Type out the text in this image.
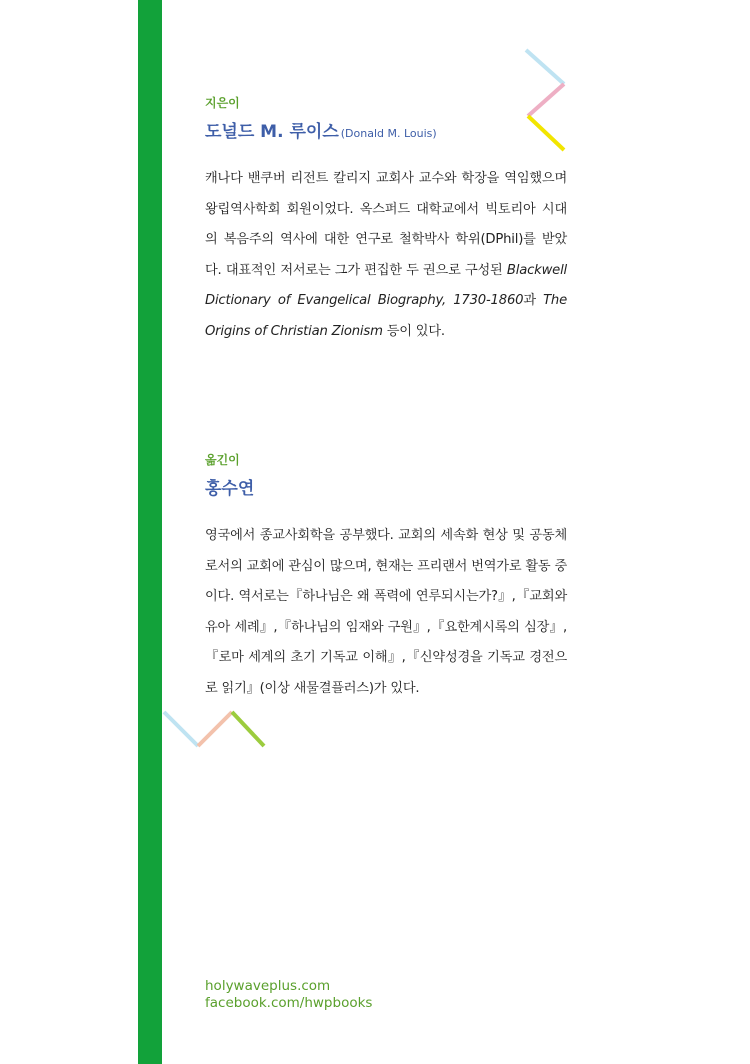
지은이
도널드 M. 루이스 (Donald M. Louis)

캐나다 밴쿠버 리전트 칼리지 교회사 교수와 학장을 역임했으며 왕립역사학회 회원이었다. 옥스퍼드 대학교에서 빅토리아 시대의 복음주의 역사에 대한 연구로 철학박사 학위(DPhil)를 받았다. 대표적인 저서로는 그가 편집한 두 권으로 구성된 Blackwell Dictionary of Evangelical Biography, 1730-1860과 The Origins of Christian Zionism 등이 있다.

옮긴이
홍수연

영국에서 종교사회학을 공부했다. 교회의 세속화 현상 및 공동체로서의 교회에 관심이 많으며, 현재는 프리랜서 번역가로 활동 중이다. 역서로는『하나님은 왜 폭력에 연루되시는가?』,『교회와 유아 세례』,『하나님의 임재와 구원』,『요한계시록의 심장』,『로마 세계의 초기 기독교 이해』,『신약성경을 기독교 경전으로 읽기』(이상 새물결플러스)가 있다.

holywaveplus.com
facebook.com/hwpbooks
